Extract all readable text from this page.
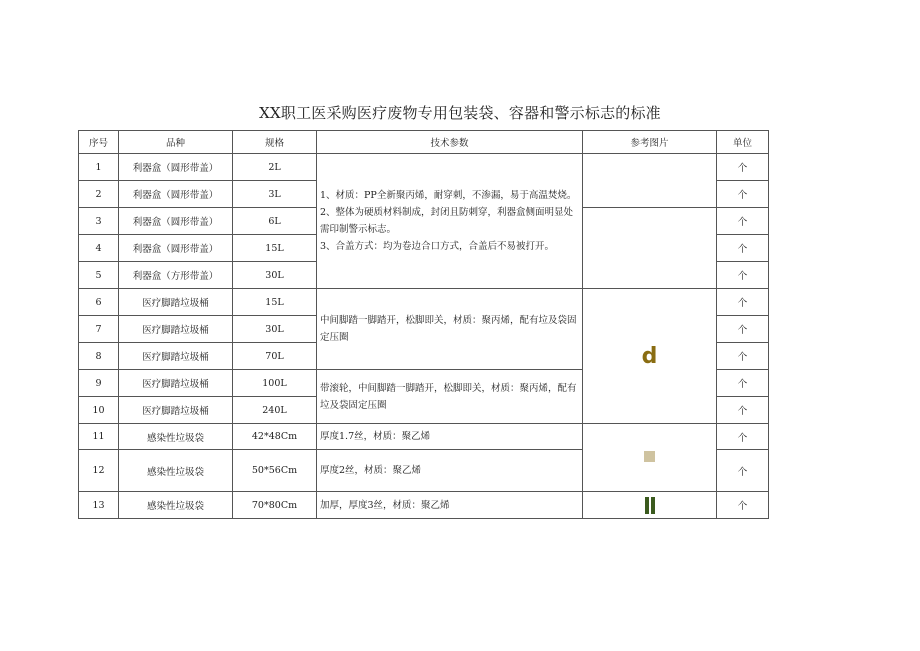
XX职工医采购医疗废物专用包装袋、容器和警示标志的标准
序号	品种	规格	技术参数	参考图片	单位
1	利器盒（圆形带盖）	2L	1、材质：PP全新聚丙烯，耐穿刺，不渗漏，易于高温焚烧。

2、整体为硬质材料制成，封闭且防刺穿，利器盒侧面明显处需印制警示标志。

3、合盖方式：均为卷边合口方式，合盖后不易被打开。		个
2	利器盒（圆形带盖）	3L			个
3	利器盒（圆形带盖）	6L			个
4	利器盒（圆形带盖）	15L			个
5	利器盒（方形带盖）	30L			个
6	医疗脚踏垃圾桶	15L	中间脚踏一脚踏开，松脚即关，材质：聚丙烯，配有垃及袋固定压圈	d	个
7	医疗脚踏垃圾桶	30L			个
8	医疗脚踏垃圾桶	70L			个
9	医疗脚踏垃圾桶	100L	带滚轮，中间脚踏一脚踏开，松脚即关，材质：聚丙烯，配有垃及袋固定压圈		个
10	医疗脚踏垃圾桶	240L			个
11	感染性垃圾袋	42*48Cm	厚度1.7丝，材质：聚乙烯		个
12	感染性垃圾袋	50*56Cm	厚度2丝，材质：聚乙烯		个
13	感染性垃圾袋	70*80Cm	加厚，厚度3丝，材质：聚乙烯		个
